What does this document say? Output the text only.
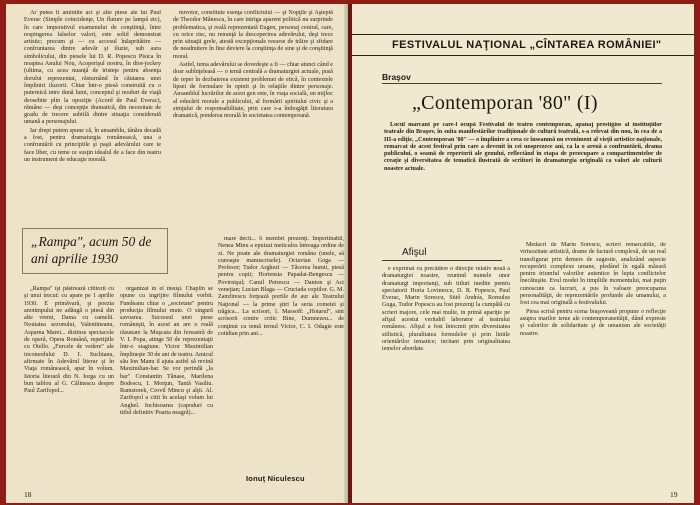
Ar putea fi amintite aci şi alte piese ale lui Paul Everac (Simple coincidenţe, Un fluture pe lampă etc), în care imperativul examenului de conştiinţă, între respingerea falselor valori, este solid demonstrat artistic; precum şi — cu accesul înăspritâtire — confruntarea dintre adevăr şi iluzie, sub aura simbolicului, din piesele lui D. R. Popescu Pisica în noaptea Anului Nou, Acoperişul nostru, în dior-jockey (ultima, cu acea nuanţă de tristeţe pentru absenţa dorului reprezentat, răsturnând în căutarea unei împliniri iluzorii. Chiar într-o piesă construită cu o puternică intre dună lumi, conceptul şi moduri de viaţă deosebite plin la opoziţie (Acord de Paul Everac), rămâne — deşi concepţie dramatică, din necesitate de gradu de trecere subtilă dintre situaţia considerată umană a personajului.

Iar drept putem spune că, în ansamblu, tânăra decadă a fost, pentru dramaturgia românească, una a confruntării cu principiile şi paşii adevărului care te face liber, cu teme ce susţin idealul de a face din teatru un instrument de educaţie morală.

nuvotor, constituie esenţa conflictului — şi Nopţile şi Aşteptă de Theodor Mănescu, în care intriga aparent politică nu surprinde problematica, şi reală reprezentată Eugen, personaj central, care, cu orice risc, nu renunţă la descoperirea adevărului, deşi trece prin situaţii grele, atestă excepţionale resurse de trăire şi sfidare de neadmitere în fine deviere la conştiinţa de sine şi de conştiinţă moral.

Astfel, tema adevărului se dovedeşte a fi — chiar atunci când e doar subînţeleasă — o temă centrală a dramaturgiei actuale, pusă de reper în dezbaterea existent problemei de etică, în contextele lipsei de formulare în opinii şi în relaţiile dintre personaje. Ansamblul lucrărilor de acest gen este, în viaţa socială, un mijloc al educării morale a publicului, al formării spiritului civic şi a simţului de responsabilitate, prin care s-a îmbogăţit literatura dramatică, ponderea morală în societatea contemporană.

„Rampa", acum 50 de ani aprilie 1930

„Rampa" îşi păstrează cititorii cu şi unui trecut: cu apare pe 1 aprilie 1930. E primăvară, şi poezia anotimpului ne adăugă o piesă din alte vremi, Dama cu camelii. Noutatea sezonului, Valentineanu, Asparna Marei... distinse spectacole de operă, Opera Română, repetiţiile cu Otello. „Furcele de vedere" ale incomodului D. I. Suchianu, afirmate în Adevărul literar şi în Viaţa românească, apar în volum. Istoria literară din N. Iorga cu un bun tablou al G. Călinescu despre Paul Zarifopol...

organizat în el însuşi. Chaplin se opune cu ingrijire filmului vorbit. Fundeanu chiar o „societate" pentru producţia filmului mute. O singură savoarea. Succesul unei piese româneşti, în acest an are o reală răsunare la Muşcata din fereastră de V. I. Popa, atinge 50 de reprezentaţii într-o stagiune. Victor Maximilian împlineşte 30 de ani de teatru. Amicul său Ion Manu il ajuta astfel să revină Maximilian-bar. Se vor perindă „la bar" Constantin Tănase, Marilena Bodescu, I. Morţun, Tantă Vasiliu. Ramstorek, Crovil Mincu şi alţii. Al. Zarifopol a citit în acelaşi volum lui Anghel. Inchisoarea (capoduri cu titlul definitiv Poarta neagră)...

mare decit... 6 membri prezenţi. Impertinabil, Nenea Minu a epuizat meticulos întreaga ordine de zi. Ne poate ale dramaturgiei româna (unele, să cunoaşte manuscrisele). Octavian Goga — Profesor; Tudor Arghezi — Tăcerea humii, piesă pentru copii; Hortensia Papadat-Bengescu — Povirnişul; Camil Petrescu — Danton şi Act veneţian; Lucian Blaga — Cruciada copiilor. G. M. Zamfirescu forţează portile de aur ale Teatrului Naţional — la prime ştiri la seria cometei şi trăgica... La scrisori, 1. Massoff: „Hotarul", sint scrisorii contre critic Bine, Dumnezeu... de conţinut cu temă ternul Victor, C. I. Odagie este cotidian prin ani...

Ionuţ Niculescu
18
FESTIVALUL NAŢIONAL „CÎNTAREA ROMÂNIEI"
Braşov
„Contemporan '80" (I)

Locul marcant pe care-l ocupă Festivalul de teatru contemporan, apanaj prestigios al instituţiilor teatrale din Braşov, în suita manifestărilor tradiţionale de cultură teatrală, s-a relevat din nou, în cea de a III-a ediţie, „Contemporan '80" — o împlinire a ceea ce înseamnă un eveniment al vieţii artistice naţionale, remarcat de acest festival prin care a devenit în cei unsprezece ani, ca la o arenă a confruntării, drama publicului, o seamă de repertorii ale genului, reflectând în etapa de preocupare a compartimentelor de creaţie şi diversitatea de tematică ilustrată de scriitori în dramaturgia originală ca valori ale culturii noastre actuale.

Afişul

e exprimat cu precădere o direcţie relativ nouă a dramaturgiei noastre, reunind numele unor dramaturgi importanţi, sub titluri inedite pentru spectatorii Horia Lovinescu, D. R. Popescu, Paul Everac, Marin Sorescu, Sütő András, Romulus Guga, Tudor Popescu au fost prezenţi la cumpătă cu scrieri majore, cele mai multe, in primă apariţie pe afişul acestui veritabil laborator al teatrului românesc. Afişul a fost întocmit prin diversitatea stilistică, pluralitatea formulelor şi prin liniile orientărilor tematice; incitant prin originalitatea temelor abordate.

Medacri de Marin Sorescu, scrieri remarcabile, de virtuozitate artistică, drame de factură complexă, de un real transfigurat prin demers de sugestie, analizând aspecte recuperării complexe umane, pledând în egală măsură pentru triumful valorilor autentice în lupta conflictelor înecătuşite. Evul modei în timpliile momentului, mai puţin cunoscute ca lucruri, a pus în valoare preocuparea personalităţii, de reprezentările profunde ale umanului, a fost cea mai originală a festivalului.

Piesa scrisă pentru scena braşoveană propune o reflecţie asupra marilor teme ale contemporaneităţii, dând expresie şi valorilor de solidaritate şi de umanism ale societăţii noastre.

19
